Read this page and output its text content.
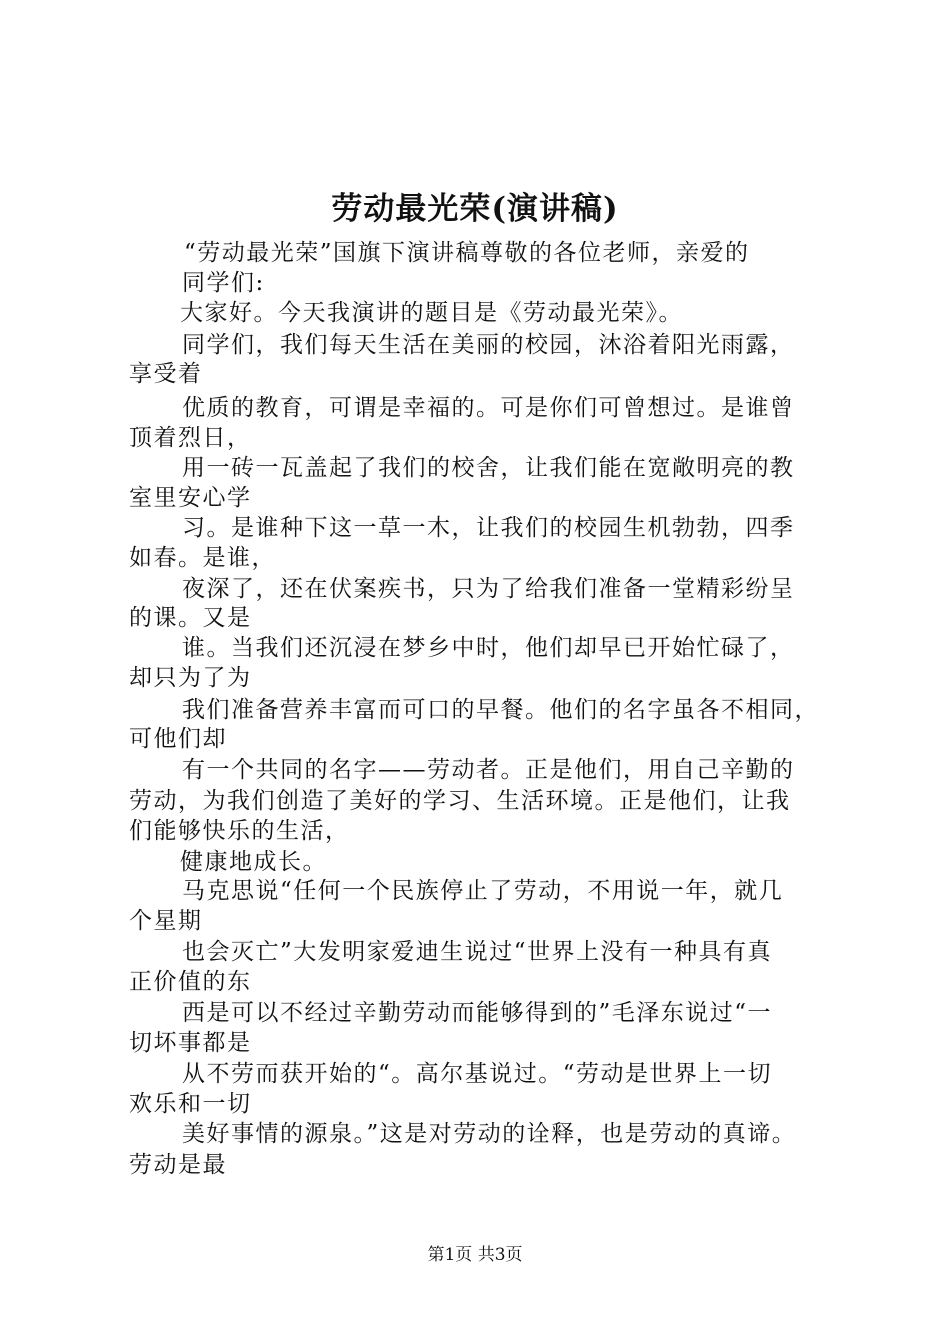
劳动最光荣(演讲稿)
“劳动最光荣”国旗下演讲稿尊敬的各位老师，亲爱的
同学们:
大家好。今天我演讲的题目是《劳动最光荣》。
同学们，我们每天生活在美丽的校园，沐浴着阳光雨露，
享受着
优质的教育，可谓是幸福的。可是你们可曾想过。是谁曾
顶着烈日，
用一砖一瓦盖起了我们的校舍，让我们能在宽敞明亮的教
室里安心学
习。是谁种下这一草一木，让我们的校园生机勃勃，四季
如春。是谁，
夜深了，还在伏案疾书，只为了给我们准备一堂精彩纷呈
的课。又是
谁。当我们还沉浸在梦乡中时，他们却早已开始忙碌了，
却只为了为
我们准备营养丰富而可口的早餐。他们的名字虽各不相同，
可他们却
有一个共同的名字——劳动者。正是他们，用自己辛勤的
劳动，为我们创造了美好的学习、生活环境。正是他们，让我
们能够快乐的生活，
健康地成长。
马克思说“任何一个民族停止了劳动，不用说一年，就几
个星期
也会灭亡”大发明家爱迪生说过“世界上没有一种具有真
正价值的东
西是可以不经过辛勤劳动而能够得到的”毛泽东说过“一
切坏事都是
从不劳而获开始的“。高尔基说过。“劳动是世界上一切
欢乐和一切
美好事情的源泉。”这是对劳动的诠释，也是劳动的真谛。
劳动是最
第1页 共3页
